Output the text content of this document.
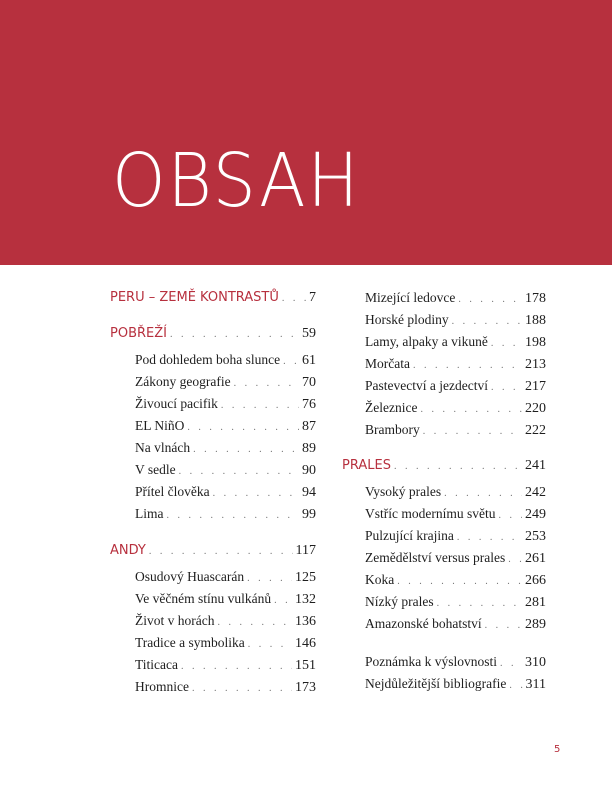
OBSAH
PERU – ZEMĚ KONTRASTŮ . . . 7
POBŘEŽÍ . . .	59
Pod dohledem boha slunce . . . 61
Zákony geografie . . .	70
Živoucí pacifik . . .	76
EL NiñO . . .	87
Na vlnách . . .	89
V sedle . . .	90
Přítel člověka . . .	94
Lima . . .	99
ANDY . . .	117
Osudový Huascarán . . .	125
Ve věčném stínu vulkánů . . . 132
Život v horách . . .	136
Tradice a symbolika . . .	146
Titicaca . . .	151
Hromnice . . .	173
Mizející ledovce . . .	178
Horské plodiny . . .	188
Lamy, alpaky a vikuně . . .	198
Morčata . . .	213
Pastevectví a jezdectví . . .	217
Železnice . . .	220
Brambory . . .	222
PRALES . . .	241
Vysoký prales . . .	242
Vstříc modernímu světu . . . 249
Pulzující krajina . . .	253
Zemědělství versus prales . . . 261
Koka . . .	266
Nízký prales . . .	281
Amazonské bohatství . . .	289
Poznámka k výslovnosti . . . 310
Nejdůležitější bibliografie . . . 311
5
